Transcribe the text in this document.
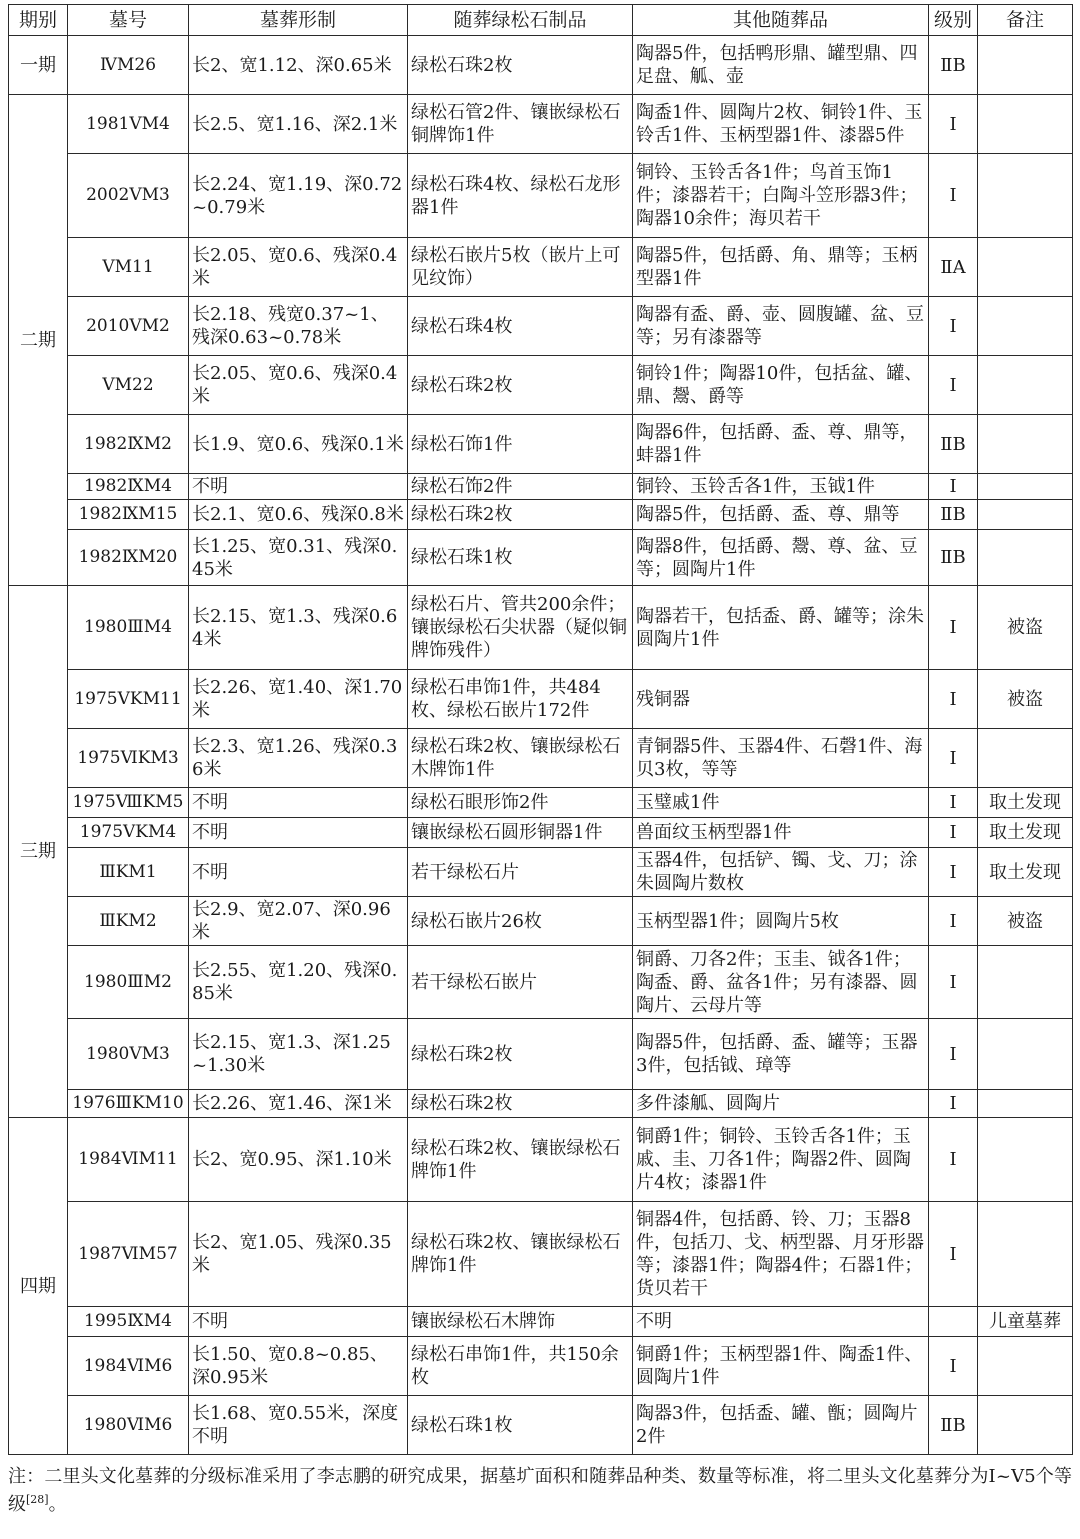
期别	墓号	墓葬形制	随葬绿松石制品	其他随葬品	级别	备注
一期	ⅣM26	长2、宽1.12、深0.65米	绿松石珠2枚	陶器5件，包括鸭形鼎、罐型鼎、四足盘、觚、壶	ⅡB	
二期	1981ⅤM4	长2.5、宽1.16、深2.1米	绿松石管2件、镶嵌绿松石铜牌饰1件	陶盉1件、圆陶片2枚、铜铃1件、玉铃舌1件、玉柄型器1件、漆器5件	Ⅰ	
	2002ⅤM3	长2.24、宽1.19、深0.72~0.79米	绿松石珠4枚、绿松石龙形器1件	铜铃、玉铃舌各1件；鸟首玉饰1件；漆器若干；白陶斗笠形器3件；陶器10余件；海贝若干	Ⅰ	
	ⅤM11	长2.05、宽0.6、残深0.4米	绿松石嵌片5枚（嵌片上可见纹饰）	陶器5件，包括爵、角、鼎等；玉柄型器1件	ⅡA	
	2010ⅤM2	长2.18、残宽0.37~1、残深0.63~0.78米	绿松石珠4枚	陶器有盉、爵、壶、圆腹罐、盆、豆等；另有漆器等	Ⅰ	
	ⅤM22	长2.05、宽0.6、残深0.4米	绿松石珠2枚	铜铃1件；陶器10件，包括盆、罐、鼎、鬶、爵等	Ⅰ	
	1982ⅨM2	长1.9、宽0.6、残深0.1米	绿松石饰1件	陶器6件，包括爵、盉、尊、鼎等，蚌器1件	ⅡB	
	1982ⅨM4	不明	绿松石饰2件	铜铃、玉铃舌各1件，玉钺1件	Ⅰ	
	1982ⅨM15	长2.1、宽0.6、残深0.8米	绿松石珠2枚	陶器5件，包括爵、盉、尊、鼎等	ⅡB	
	1982ⅨM20	长1.25、宽0.31、残深0.45米	绿松石珠1枚	陶器8件，包括爵、鬶、尊、盆、豆等；圆陶片1件	ⅡB	
三期	1980ⅢM4	长2.15、宽1.3、残深0.64米	绿松石片、管共200余件；镶嵌绿松石尖状器（疑似铜牌饰残件）	陶器若干，包括盉、爵、罐等；涂朱圆陶片1件	Ⅰ	被盗
	1975ⅤKM11	长2.26、宽1.40、深1.70米	绿松石串饰1件，共484枚、绿松石嵌片172件	残铜器	Ⅰ	被盗
	1975ⅥKM3	长2.3、宽1.26、残深0.36米	绿松石珠2枚、镶嵌绿松石木牌饰1件	青铜器5件、玉器4件、石磬1件、海贝3枚，等等	Ⅰ	
	1975ⅧKM5	不明	绿松石眼形饰2件	玉璧戚1件	Ⅰ	取土发现
	1975ⅤKM4	不明	镶嵌绿松石圆形铜器1件	兽面纹玉柄型器1件	Ⅰ	取土发现
	ⅢKM1	不明	若干绿松石片	玉器4件，包括铲、镯、戈、刀；涂朱圆陶片数枚	Ⅰ	取土发现
	ⅢKM2	长2.9、宽2.07、深0.96米	绿松石嵌片26枚	玉柄型器1件；圆陶片5枚	Ⅰ	被盗
	1980ⅢM2	长2.55、宽1.20、残深0.85米	若干绿松石嵌片	铜爵、刀各2件；玉圭、钺各1件；陶盉、爵、盆各1件；另有漆器、圆陶片、云母片等	Ⅰ	
	1980ⅤM3	长2.15、宽1.3、深1.25~1.30米	绿松石珠2枚	陶器5件，包括爵、盉、罐等；玉器3件，包括钺、璋等	Ⅰ	
	1976ⅢKM10	长2.26、宽1.46、深1米	绿松石珠2枚	多件漆觚、圆陶片	Ⅰ	
四期	1984ⅥM11	长2、宽0.95、深1.10米	绿松石珠2枚、镶嵌绿松石牌饰1件	铜爵1件；铜铃、玉铃舌各1件；玉戚、圭、刀各1件；陶器2件、圆陶片4枚；漆器1件	Ⅰ	
	1987ⅥM57	长2、宽1.05、残深0.35米	绿松石珠2枚、镶嵌绿松石牌饰1件	铜器4件，包括爵、铃、刀；玉器8件，包括刀、戈、柄型器、月牙形器等；漆器1件；陶器4件；石器1件；货贝若干	Ⅰ	
	1995ⅨM4	不明	镶嵌绿松石木牌饰	不明		儿童墓葬
	1984ⅥM6	长1.50、宽0.8~0.85、深0.95米	绿松石串饰1件，共150余枚	铜爵1件；玉柄型器1件、陶盉1件、圆陶片1件	Ⅰ	
	1980ⅥM6	长1.68、宽0.55米，深度不明	绿松石珠1枚	陶器3件，包括盉、罐、甑；圆陶片2件	ⅡB	
注：二里头文化墓葬的分级标准采用了李志鹏的研究成果，据墓圹面积和随葬品种类、数量等标准，将二里头文化墓葬分为Ⅰ~Ⅴ5个等级[28]。
